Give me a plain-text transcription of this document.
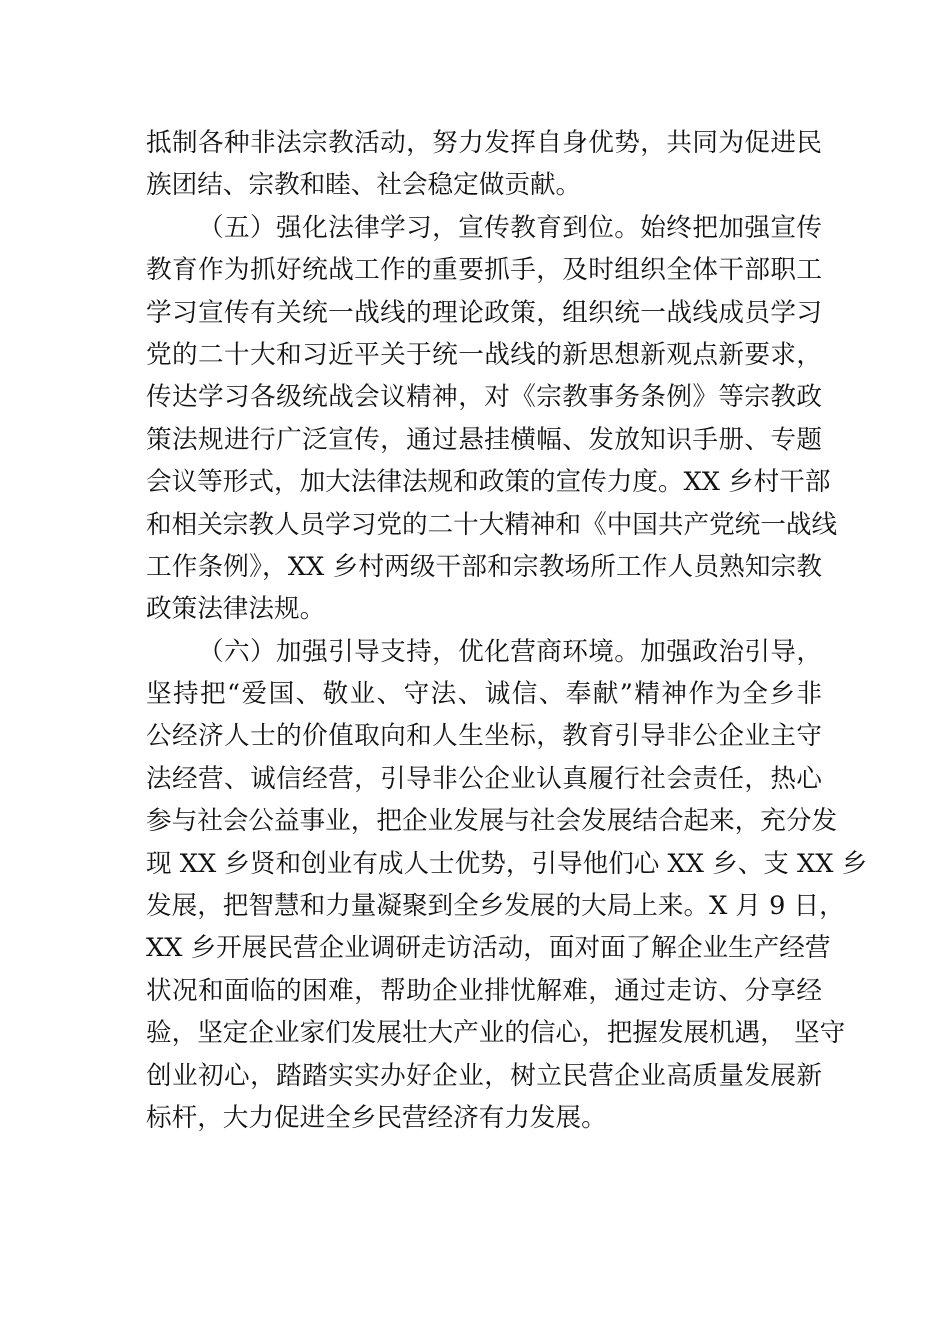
抵制各种非法宗教活动，努力发挥自身优势，共同为促进民
族团结、宗教和睦、社会稳定做贡献。
（五）强化法律学习，宣传教育到位。始终把加强宣传
教育作为抓好统战工作的重要抓手，及时组织全体干部职工
学习宣传有关统一战线的理论政策，组织统一战线成员学习
党的二十大和习近平关于统一战线的新思想新观点新要求，
传达学习各级统战会议精神，对《宗教事务条例》等宗教政
策法规进行广泛宣传，通过悬挂横幅、发放知识手册、专题
会议等形式，加大法律法规和政策的宣传力度。XX 乡村干部
和相关宗教人员学习党的二十大精神和《中国共产党统一战线
工作条例》，XX 乡村两级干部和宗教场所工作人员熟知宗教
政策法律法规。
（六）加强引导支持，优化营商环境。加强政治引导，
坚持把“爱国、敬业、守法、诚信、奉献”精神作为全乡非
公经济人士的价值取向和人生坐标，教育引导非公企业主守
法经营、诚信经营，引导非公企业认真履行社会责任，热心
参与社会公益事业，把企业发展与社会发展结合起来，充分发
现 XX 乡贤和创业有成人士优势，引导他们心 XX 乡、支 XX 乡
发展，把智慧和力量凝聚到全乡发展的大局上来。X 月 9 日，
XX 乡开展民营企业调研走访活动，面对面了解企业生产经营
状况和面临的困难，帮助企业排忧解难，通过走访、分享经
验，坚定企业家们发展壮大产业的信心，把握发展机遇， 坚守
创业初心，踏踏实实办好企业，树立民营企业高质量发展新
标杆，大力促进全乡民营经济有力发展。
